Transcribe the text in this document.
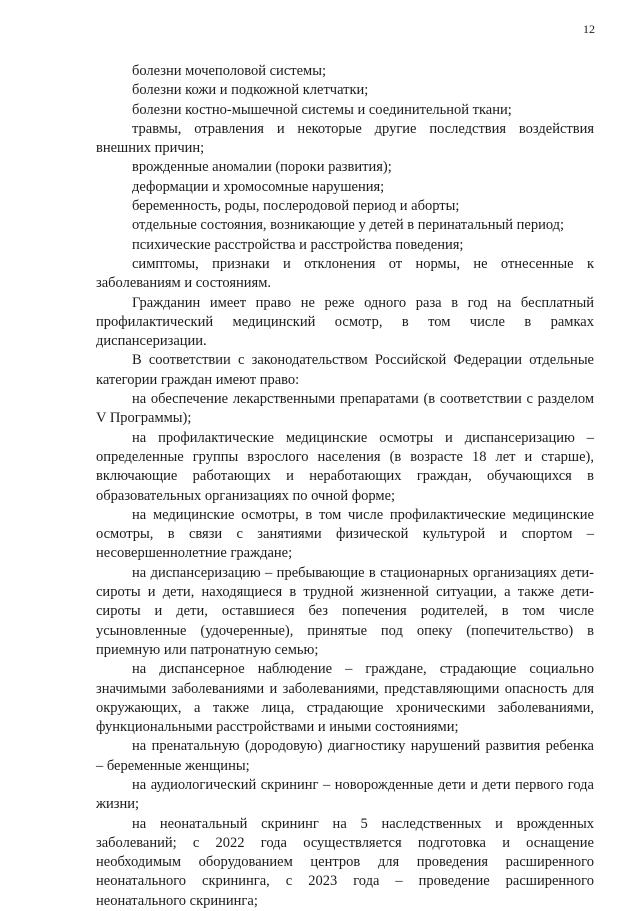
12

болезни мочеполовой системы;

болезни кожи и подкожной клетчатки;

болезни костно-мышечной системы и соединительной ткани;

травмы, отравления и некоторые другие последствия воздействия внешних причин;

врожденные аномалии (пороки развития);

деформации и хромосомные нарушения;

беременность, роды, послеродовой период и аборты;

отдельные состояния, возникающие у детей в перинатальный период;

психические расстройства и расстройства поведения;

симптомы, признаки и отклонения от нормы, не отнесенные к заболеваниям и состояниям.

Гражданин имеет право не реже одного раза в год на бесплатный профилактический медицинский осмотр, в том числе в рамках диспансеризации.

В соответствии с законодательством Российской Федерации отдельные категории граждан имеют право:

на обеспечение лекарственными препаратами (в соответствии с разделом V Программы);

на профилактические медицинские осмотры и диспансеризацию – определенные группы взрослого населения (в возрасте 18 лет и старше), включающие работающих и неработающих граждан, обучающихся в образовательных организациях по очной форме;

на медицинские осмотры, в том числе профилактические медицинские осмотры, в связи с занятиями физической культурой и спортом – несовершеннолетние граждане;

на диспансеризацию – пребывающие в стационарных организациях дети-сироты и дети, находящиеся в трудной жизненной ситуации, а также дети-сироты и дети, оставшиеся без попечения родителей, в том числе усыновленные (удочеренные), принятые под опеку (попечительство) в приемную или патронатную семью;

на диспансерное наблюдение – граждане, страдающие социально значимыми заболеваниями и заболеваниями, представляющими опасность для окружающих, а также лица, страдающие хроническими заболеваниями, функциональными расстройствами и иными состояниями;

на пренатальную (дородовую) диагностику нарушений развития ребенка – беременные женщины;

на аудиологический скрининг – новорожденные дети и дети первого года жизни;

на неонатальный скрининг на 5 наследственных и врожденных заболеваний; с 2022 года осуществляется подготовка и оснащение необходимым оборудованием центров для проведения расширенного неонатального скрининга, с 2023 года – проведение расширенного неонатального скрининга;
